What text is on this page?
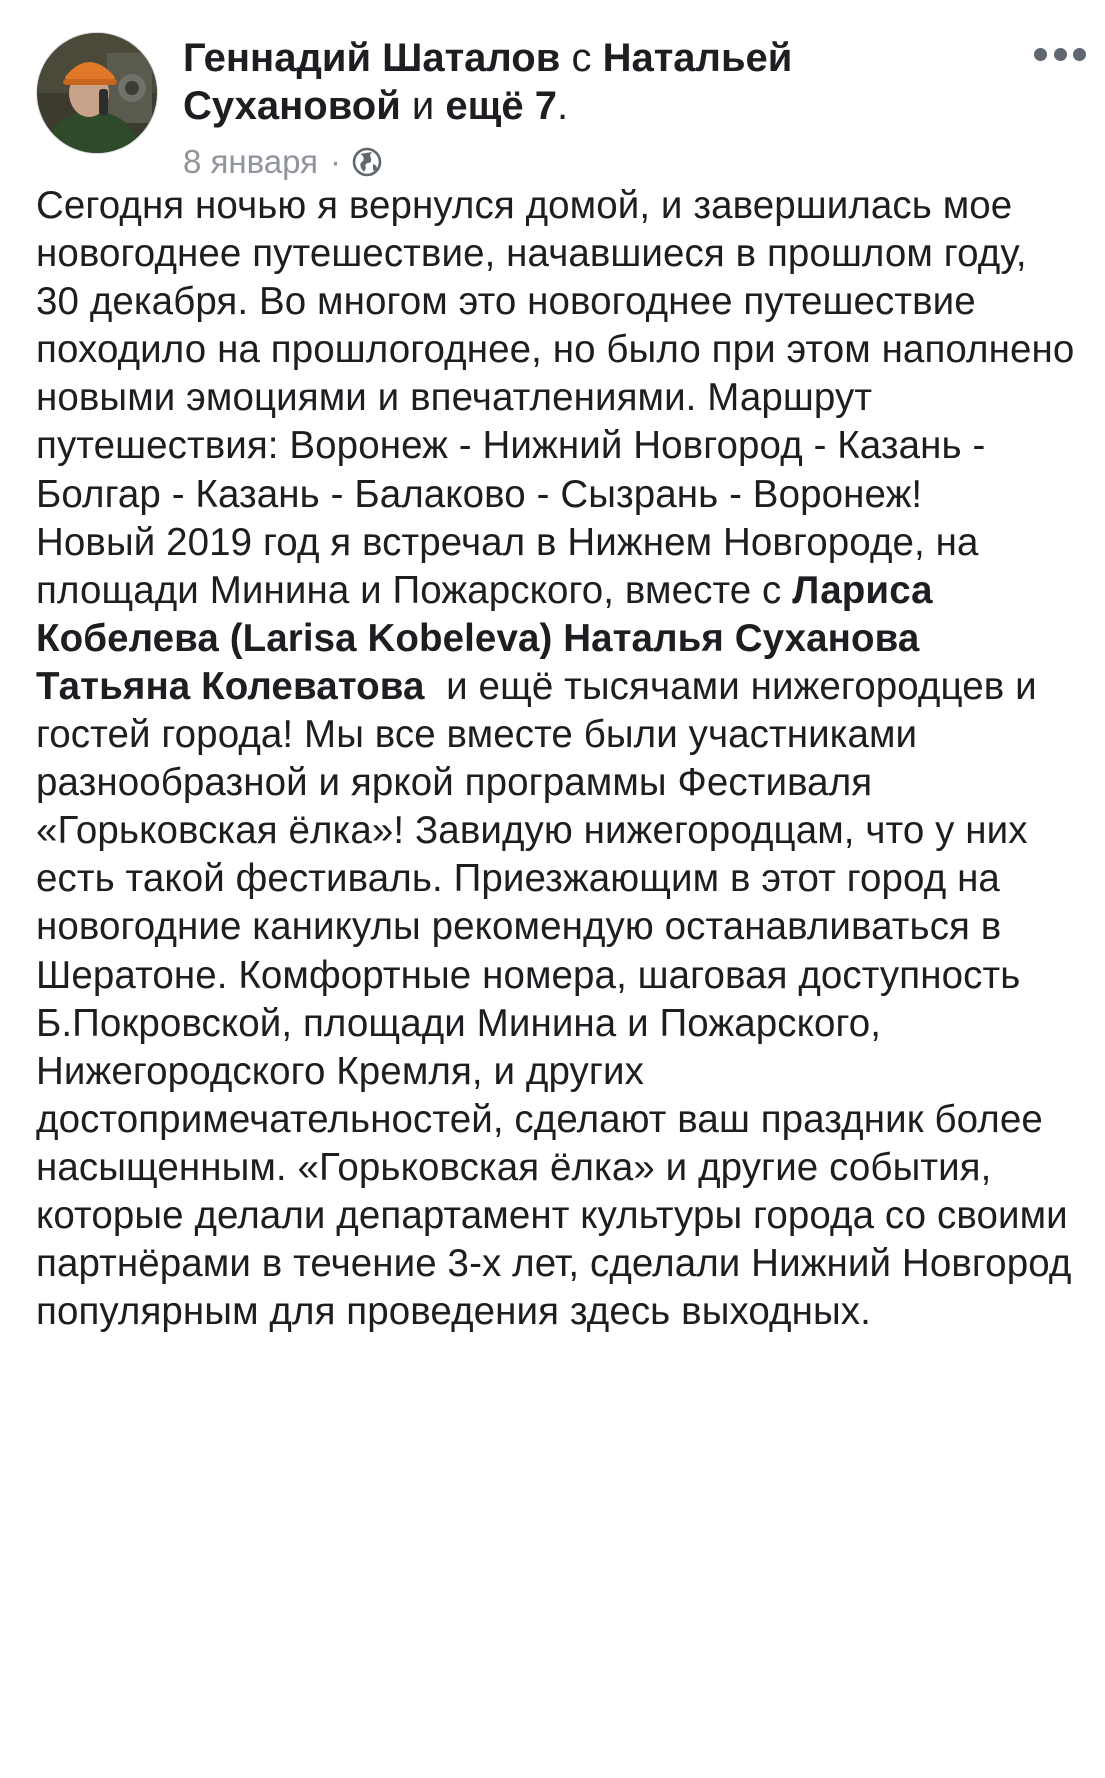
Геннадий Шаталов с Натальей Сухановой и ещё 7.
8 января ·

Сегодня ночью я вернулся домой, и завершилась мое новогоднее путешествие, начавшиеся в прошлом году, 30 декабря. Во многом это новогоднее путешествие походило на прошлогоднее, но было при этом наполнено новыми эмоциями и впечатлениями. Маршрут путешествия: Воронеж - Нижний Новгород - Казань - Болгар - Казань - Балаково - Сызрань - Воронеж!

Новый 2019 год я встречал в Нижнем Новгороде, на площади Минина и Пожарского, вместе с Лариса Кобелева (Larisa Kobeleva) Наталья Суханова Татьяна Колеватова и ещё тысячами нижегородцев и гостей города! Мы все вместе были участниками разнообразной и яркой программы Фестиваля «Горьковская ёлка»! Завидую нижегородцам, что у них есть такой фестиваль. Приезжающим в этот город на новогодние каникулы рекомендую останавливаться в Шератоне. Комфортные номера, шаговая доступность Б.Покровской, площади Минина и Пожарского, Нижегородского Кремля, и других достопримечательностей, сделают ваш праздник более насыщенным. «Горьковская ёлка» и другие события, которые делали департамент культуры города со своими партнёрами в течение 3-х лет, сделали Нижний Новгород популярным для проведения здесь выходных.
